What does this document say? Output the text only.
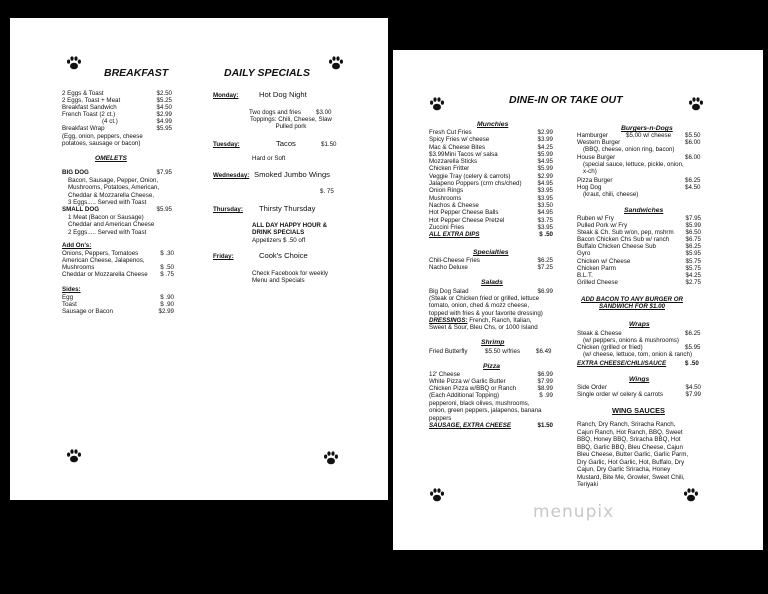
BREAKFAST
2 Eggs & Toast	$2.50
2 Eggs, Toast + Meat	$5.25
Breakfast Sandwich	$4.50
French Toast (2 ct.)	$2.99
(4 ct.)	$4.99
Breakfast Wrap	$5.95
(Egg, onion, peppers, cheese
potatoes, sausage or bacon)
OMELETS
BIG DOG	$7.95
Bacon, Sausage, Pepper, Onion,
Mushrooms, Potatoes, American,
Cheddar & Mozzarella Cheese,
3 Eggs..... Served with Toast
SMALL DOG	$5.95
1 Meat (Bacon or Sausage)
Cheddar and American Cheese
2 Eggs..... Served with Toast
Add On's:
Onions, Peppers, Tomatoes	$ .30
American Cheese, Jalapenos,
Mushrooms	$ .50
Cheddar or Mozzarella Cheese $ .75
Sides:
Egg	$ .90
Toast	$ .90
Sausage or Bacon	$2.99
DAILY SPECIALS
Monday:	Hot Dog Night
Two dogs and fries $3.00
Toppings: Chili, Cheese, Slaw
Pulled pork
Tuesday:	Tacos	$1.50
Hard or Soft
Wednesday: Smoked Jumbo Wings
$. 75
Thursday: Thirsty Thursday
ALL DAY HAPPY HOUR &
DRINK SPECIALS
Appetizers $ .50 off
Friday:	Cook's Choice
Check Facebook for weekly
Menu and Specials
DINE-IN OR TAKE OUT
Munchies
Fresh Cut Fries	$2.99
Spicy Fries w/ cheese	$3.99
Mac & Cheese Bites	$4.25
$3.99Mini Tacos w/ salsa	$5.99
Mozzarella Sticks	$4.95
Chicken Fritter	$5.99
Veggie Tray (celery & carrots)	$2.99
Jalapeno Poppers (crm chs/ched)	$4.95
Onion Rings	$3.95
Mushrooms	$3.95
Nachos & Cheese	$3.50
Hot Pepper Cheese Balls	$4.95
Hot Pepper Cheese Pretzel	$3.75
Zuccini Fries	$3.95
ALL EXTRA DIPS	$ .50
Specialties
Chili-Cheese Fries	$6.25
Nacho Deluxe	$7.25
Salads
Big Dog Salad	$6.99
(Steak or Chicken fried or grilled, lettuce
tomato, onion, ched & mozz cheese,
topped with fries & your favorite dressing)
DRESSINGS: French, Ranch, Italian,
Sweet & Sour, Bleu Chs, or 1000 Island
Shrimp
Fried Butterfly	$5.50 w/fries	$6.49
Pizza
12' Cheese	$6.99
White Pizza w/ Garlic Butter	$7.99
Chicken Pizza w/BBQ or Ranch	$8.99
(Each Additional Topping)	$ .99
pepperoni, black olives, mushrooms,
onion, green peppers, jalapenos, banana
peppers
SAUSAGE, EXTRA CHEESE	$1.50
Burgers-n-Dogs
Hamburger	$5.00 w/ cheese $5.50
Western Burger	$6.00
(BBQ, cheese, onion ring, bacon)
House Burger	$6.00
(special sauce, lettuce, pickle, onion,
x-ch)
Pizza Burger	$6.25
Hog Dog	$4.50
(kraut, chili, cheese)
Sandwiches
Ruben w/ Fry	$7.95
Pulled Pork w/ Fry	$5.99
Steak & Ch. Sub w/on, pep, mshrm $6.50
Bacon Chicken Chs Sub w/ ranch	$6.75
Buffalo Chicken Cheese Sub	$6.25
Gyro	$5.95
Chicken w/ Cheese	$5.75
Chicken Parm	$5.75
B.L.T.	$4.25
Grilled Cheese	$2.75
ADD BACON TO ANY BURGER OR
SANDWICH FOR $1.00
Wraps
Steak & Cheese	$6.25
(w/ peppers, onions & mushrooms)
Chicken (grilled or fried)	$5.95
(w/ cheese, lettuce, tom, onion & ranch)
EXTRA CHEESE/CHILI/SAUCE	$ .50
Wings
Side Order	$4.50
Single order w/ celery & carrots	$7.99
WING SAUCES
Ranch, Dry Ranch, Sriracha Ranch,
Cajun Ranch, Hot Ranch, BBQ, Sweet
BBQ, Honey BBQ, Sriracha BBQ, Hot
BBQ, Garlic BBQ, Bleu Cheese, Cajun
Bleu Cheese, Butter Garlic, Garlic Parm,
Dry Garlic, Hot Garlic, Hot, Buffalo, Dry
Cajun, Dry Garlic Sriracha, Honey
Mustard, Bite Me, Growler, Sweet Chili,
Teriyaki
menupix
